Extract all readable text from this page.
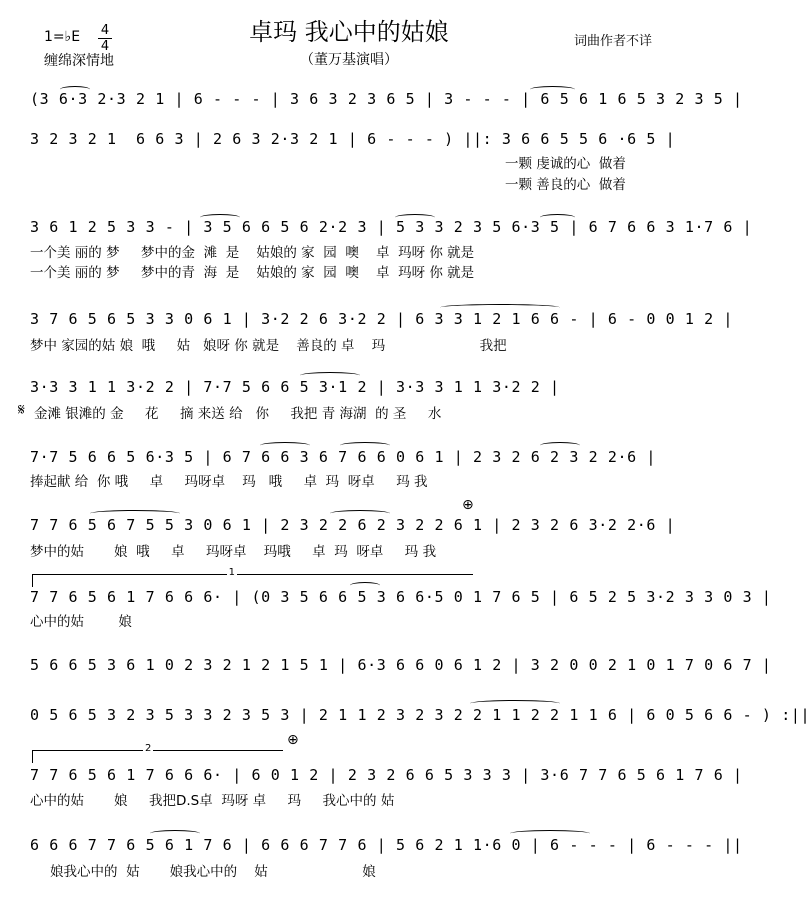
卓玛 我心中的姑娘
1=♭E 4
4
缠绵深情地	（董万基演唱）
词曲作者不详
(3 6·3 2·3 2 1 | 6 - - - | 3 6 3 2 3 6 5 | 3 - - - | 6 5 6 1 6 5 3 2 3 5 |
3 2 3 2 1  6 6 3 | 2 6 3 2·3 2 1 | 6 - - - ) ||: 3 6 6 5 5 6 ·6 5 |
一颗 虔诚的心  做着
一颗 善良的心  做着
3 6 1 2 5 3 3 - | 3 5 6 6 5 6 2·2 3 | 5 3 3 2 3 5 6·3 5 | 6 7 6 6 3 1·7 6 |
一个美 丽的 梦     梦中的金  滩  是    姑娘的 家  园  噢    卓  玛呀 你 就是
一个美 丽的 梦     梦中的青  海  是    姑娘的 家  园  噢    卓  玛呀 你 就是
3 7 6 5 6 5 3 3 0 6 1 | 3·2 2 6 3·2 2 | 6 3 3 1 2 1 6 6 - | 6 - 0 0 1 2 |
梦中 家园的姑 娘  哦     姑   娘呀 你 就是    善良的 卓    玛                      我把
𝄋
3·3 3 1 1 3·2 2 | 7·7 5 6 6 5 3·1 2 | 3·3 3 1 1 3·2 2 |
金滩 银滩的 金     花     摘 来送 给   你     我把 青 海湖  的 圣     水
7·7 5 6 6 5 6·3 5 | 6 7 6 6 3 6 7 6 6 0 6 1 | 2 3 2 6 2 3 2 2·6 |
捧起献 给  你 哦     卓     玛呀卓    玛   哦     卓  玛  呀卓     玛 我
⊕
7 7 6 5 6 7 5 5 3 0 6 1 | 2 3 2 2 6 2 3 2 2 6 1 | 2 3 2 6 3·2 2·6 |
梦中的姑       娘  哦     卓     玛呀卓    玛哦     卓  玛  呀卓     玛 我
1
7 7 6 5 6 1 7 6 6 6· | (0 3 5 6 6 5 3 6 6·5 0 1 7 6 5 | 6 5 2 5 3·2 3 3 0 3 |
心中的姑        娘
5 6 6 5 3 6 1 0 2 3 2 1 2 1 5 1 | 6·3 6 6 0 6 1 2 | 3 2 0 0 2 1 0 1 7 0 6 7 |
0 5 6 5 3 2 3 5 3 3 2 3 5 3 | 2 1 1 2 3 2 3 2 2 1 1 2 2 1 1 6 | 6 0 5 6 6 - ) :||
⊕
2
7 7 6 5 6 1 7 6 6 6· | 6 0 1 2 | 2 3 2 6 6 5 3 3 3 | 3·6 7 7 6 5 6 1 7 6 |
心中的姑       娘     我把D.S卓  玛呀 卓     玛     我心中的 姑
6 6 6 7 7 6 5 6 1 7 6 | 6 6 6 7 7 6 | 5 6 2 1 1·6 0 | 6 - - - | 6 - - - ||
娘我心中的  姑       娘我心中的    姑                      娘
